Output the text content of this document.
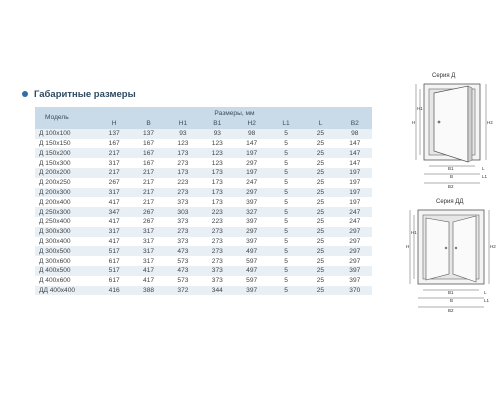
Габаритные размеры
Модель	Размеры, мм							
	H	B	H1	B1	H2	L1	L	B2
Д 100х100	137	137	93	93	98	5	25	98
Д 150х150	167	167	123	123	147	5	25	147
Д 150х200	217	167	173	123	197	5	25	147
Д 150х300	317	167	273	123	297	5	25	147
Д 200х200	217	217	173	173	197	5	25	197
Д 200х250	267	217	223	173	247	5	25	197
Д 200х300	317	217	273	173	297	5	25	197
Д 200х400	417	217	373	173	397	5	25	197
Д 250х300	347	267	303	223	327	5	25	247
Д 250х400	417	267	373	223	397	5	25	247
Д 300х300	317	317	273	273	297	5	25	297
Д 300х400	417	317	373	273	397	5	25	297
Д 300х500	517	317	473	273	497	5	25	297
Д 300х600	617	317	573	273	597	5	25	297
Д 400х500	517	417	473	373	497	5	25	397
Д 400х600	617	417	573	373	597	5	25	397
ДД 400х400	416	388	372	344	397	5	25	370
Серия Д
H
H1
H2
B1
B
B2
L
L1
Серия ДД
H
H1
H2
B1
B
B2
L
L1
